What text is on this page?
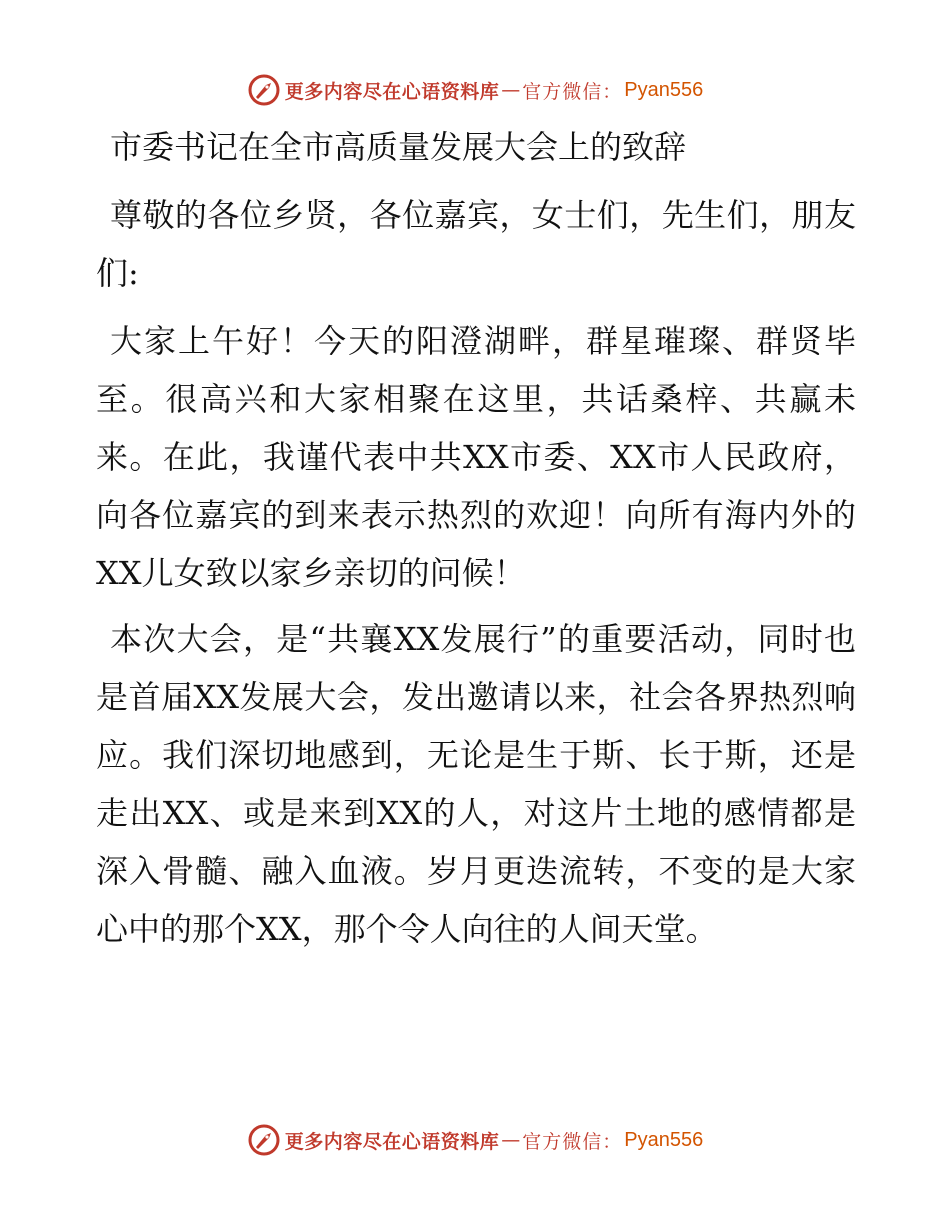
更多内容尽在心语资料库 — 官方微信： Pyan556

市委书记在全市高质量发展大会上的致辞

尊敬的各位乡贤，各位嘉宾，女士们，先生们，朋友们:

大家上午好！今天的阳澄湖畔，群星璀璨、群贤毕至。很高兴和大家相聚在这里，共话桑梓、共赢未来。在此，我谨代表中共XX市委、XX市人民政府，向各位嘉宾的到来表示热烈的欢迎！向所有海内外的XX儿女致以家乡亲切的问候！

本次大会，是“共襄XX发展行”的重要活动，同时也是首届XX发展大会，发出邀请以来，社会各界热烈响应。我们深切地感到，无论是生于斯、长于斯，还是走出XX、或是来到XX的人，对这片土地的感情都是深入骨髓、融入血液。岁月更迭流转，不变的是大家心中的那个XX，那个令人向往的人间天堂。

更多内容尽在心语资料库 — 官方微信： Pyan556
